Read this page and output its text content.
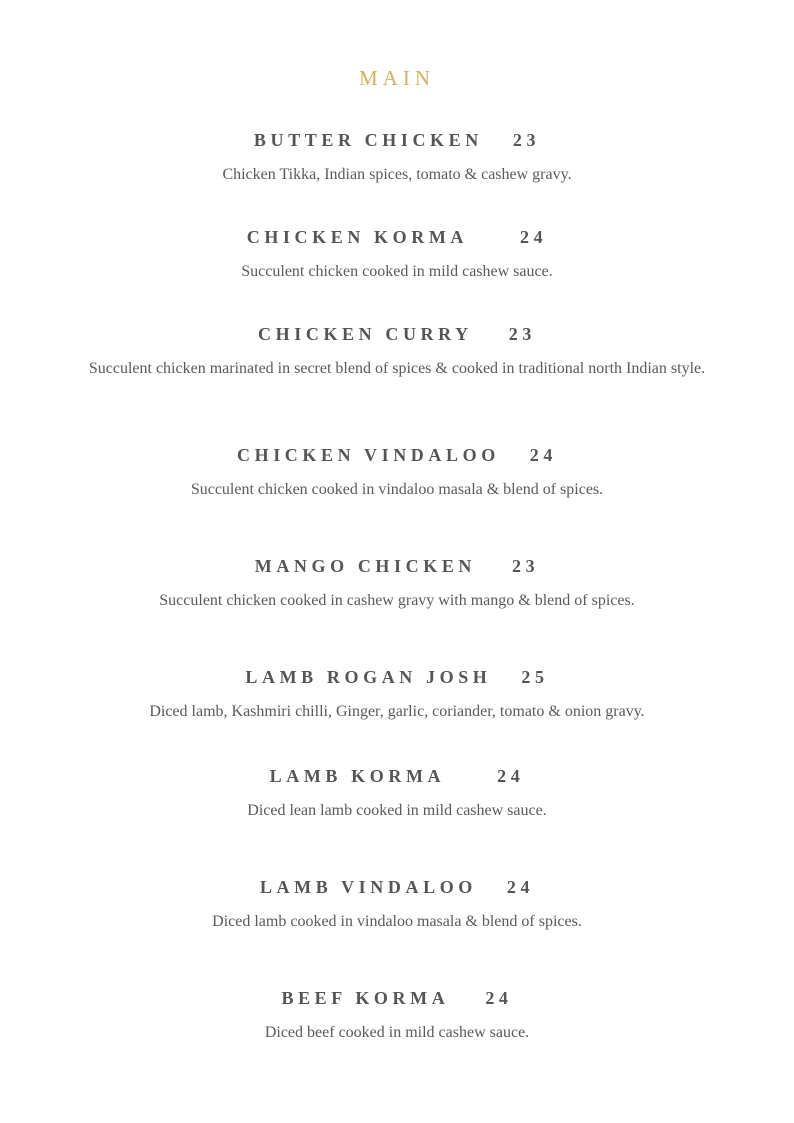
MAIN
BUTTER CHICKEN 23
Chicken Tikka, Indian spices, tomato & cashew gravy.
CHICKEN KORMA	24
Succulent chicken cooked in mild cashew sauce.
CHICKEN CURRY 23
Succulent chicken marinated in secret blend of spices & cooked in traditional north Indian style.
CHICKEN VINDALOO 24
Succulent chicken cooked in vindaloo masala & blend of spices.
MANGO CHICKEN 23
Succulent chicken cooked in cashew gravy with mango & blend of spices.
LAMB ROGAN JOSH 25
Diced lamb, Kashmiri chilli, Ginger, garlic, coriander, tomato & onion gravy.
LAMB KORMA	24
Diced lean lamb cooked in mild cashew sauce.
LAMB VINDALOO 24
Diced lamb cooked in vindaloo masala & blend of spices.
BEEF KORMA 24
Diced beef cooked in mild cashew sauce.
